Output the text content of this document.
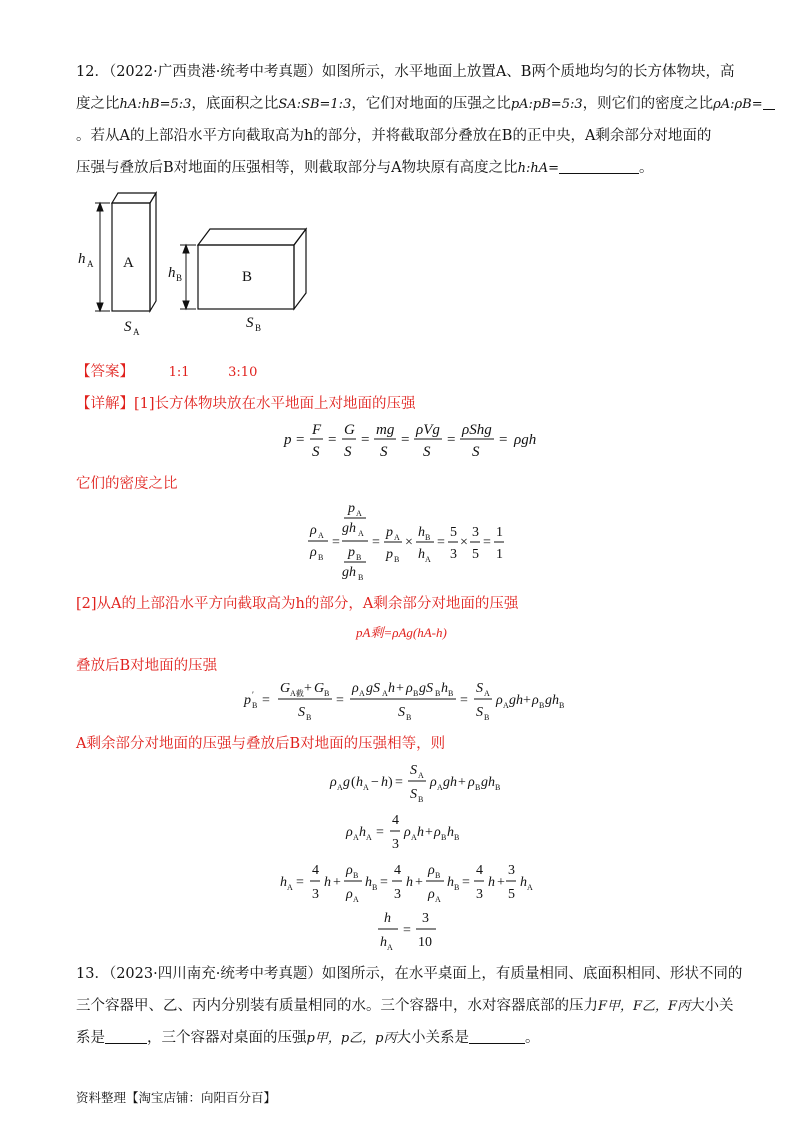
12．（2022·广西贵港·统考中考真题）如图所示，水平地面上放置A、B两个质地均匀的长方体物块，高
度之比hA:hB=5:3，底面积之比SA:SB=1:3，它们对地面的压强之比pA:pB=5:3，则它们的密度之比ρA:ρB=
。若从A的上部沿水平方向截取高为h的部分，并将截取部分叠放在B的正中央，A剩余部分对地面的
压强与叠放后B对地面的压强相等，则截取部分与A物块原有高度之比h:hA=	。
h A A
S A
h B	B
S B
【答案】	1:1	3:10
【详解】[1]长方体物块放在水平地面上对地面的压强
p =
F
S
=
G
S
=
mg
S
=
ρVg
S
=
ρShg
S
= ρgh
它们的密度之比
ρ A
ρ B
=
p A
gh A
p B
gh B
=
p A
p B
×
h B
h A
=
5
3
×
3
5
=
1
1
[2]从A的上部沿水平方向截取高为h的部分，A剩余部分对地面的压强
pA剩=ρAg(hA-h)
叠放后B对地面的压强
p ′
B =
G A截 + G B
S B
=
ρ A gS A h + ρ B gS B h B
S B
=
S A
S B
ρ A gh + ρ B gh B
A剩余部分对地面的压强与叠放后B对地面的压强相等，则
ρ A g ( h A − h ) =
S A
S B
ρ A gh + ρ B gh B
ρ A h A =
4
3
ρ A h + ρ B h B
h A =
4
3
h +
ρ B
ρ A
h B =
4
3
h +
ρ B
ρ A
h B =
4
3
h +
3
5
h A
h
h A
=
3
10
13．（2023·四川南充·统考中考真题）如图所示，在水平桌面上，有质量相同、底面积相同、形状不同的
三个容器甲、乙、丙内分别装有质量相同的水。三个容器中，水对容器底部的压力F甲，F乙，F丙大小关
系是	，三个容器对桌面的压强p甲，p乙，p丙大小关系是	。
资料整理【淘宝店铺：向阳百分百】
